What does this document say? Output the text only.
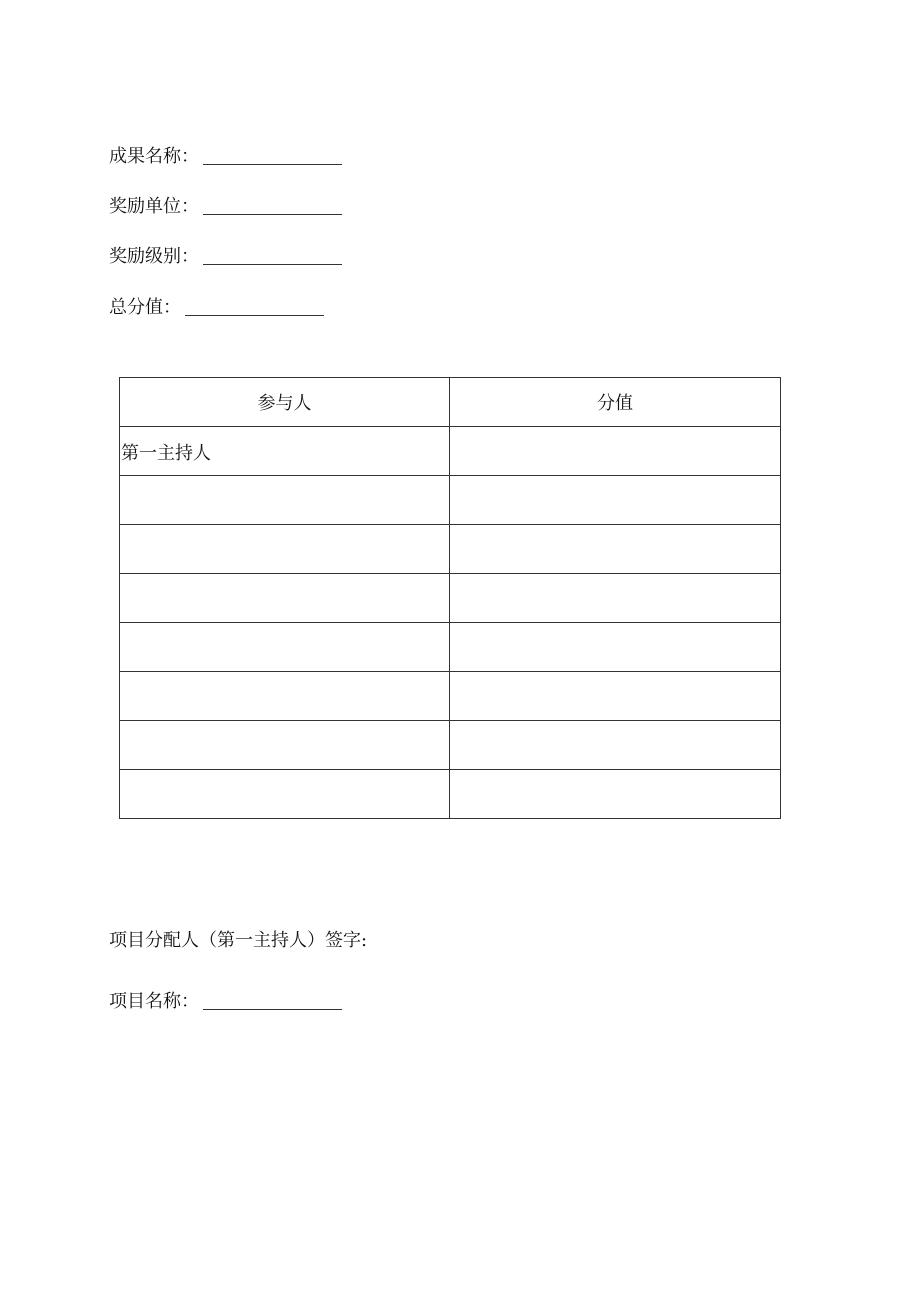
成果名称：
奖励单位：
奖励级别：
总分值：
参与人	分值
第一主持人	

项目分配人（第一主持人）签字:
项目名称：
